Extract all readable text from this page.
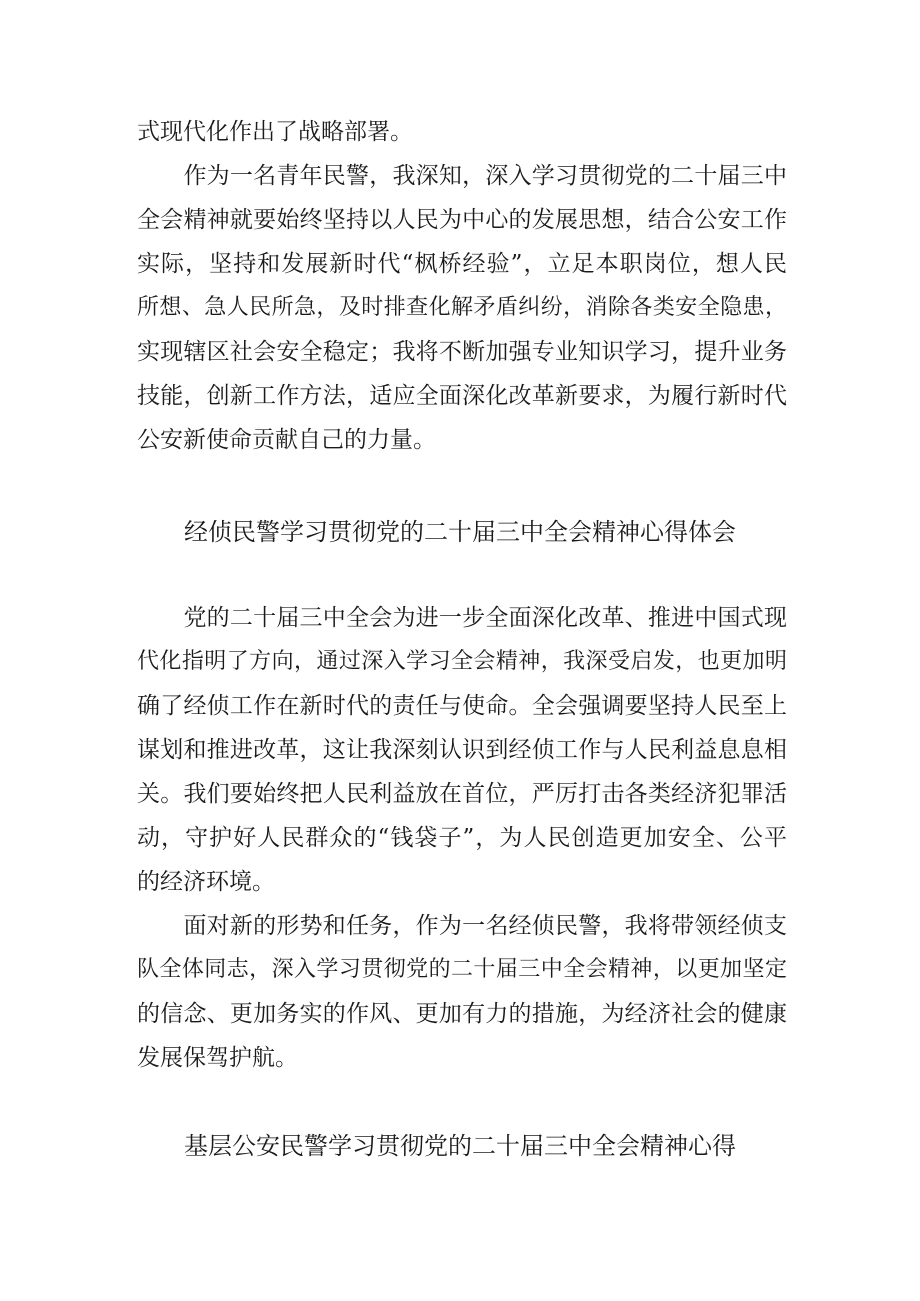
式现代化作出了战略部署。
　　作为一名青年民警，我深知，深入学习贯彻党的二十届三中
全会精神就要始终坚持以人民为中心的发展思想，结合公安工作
实际，坚持和发展新时代“枫桥经验”，立足本职岗位，想人民
所想、急人民所急，及时排查化解矛盾纠纷，消除各类安全隐患，
实现辖区社会安全稳定；我将不断加强专业知识学习，提升业务
技能，创新工作方法，适应全面深化改革新要求，为履行新时代
公安新使命贡献自己的力量。
经侦民警学习贯彻党的二十届三中全会精神心得体会
　　党的二十届三中全会为进一步全面深化改革、推进中国式现
代化指明了方向，通过深入学习全会精神，我深受启发，也更加明
确了经侦工作在新时代的责任与使命。全会强调要坚持人民至上
谋划和推进改革，这让我深刻认识到经侦工作与人民利益息息相
关。我们要始终把人民利益放在首位，严厉打击各类经济犯罪活
动，守护好人民群众的“钱袋子”，为人民创造更加安全、公平
的经济环境。
　　面对新的形势和任务，作为一名经侦民警，我将带领经侦支
队全体同志，深入学习贯彻党的二十届三中全会精神，以更加坚定
的信念、更加务实的作风、更加有力的措施，为经济社会的健康
发展保驾护航。
基层公安民警学习贯彻党的二十届三中全会精神心得
